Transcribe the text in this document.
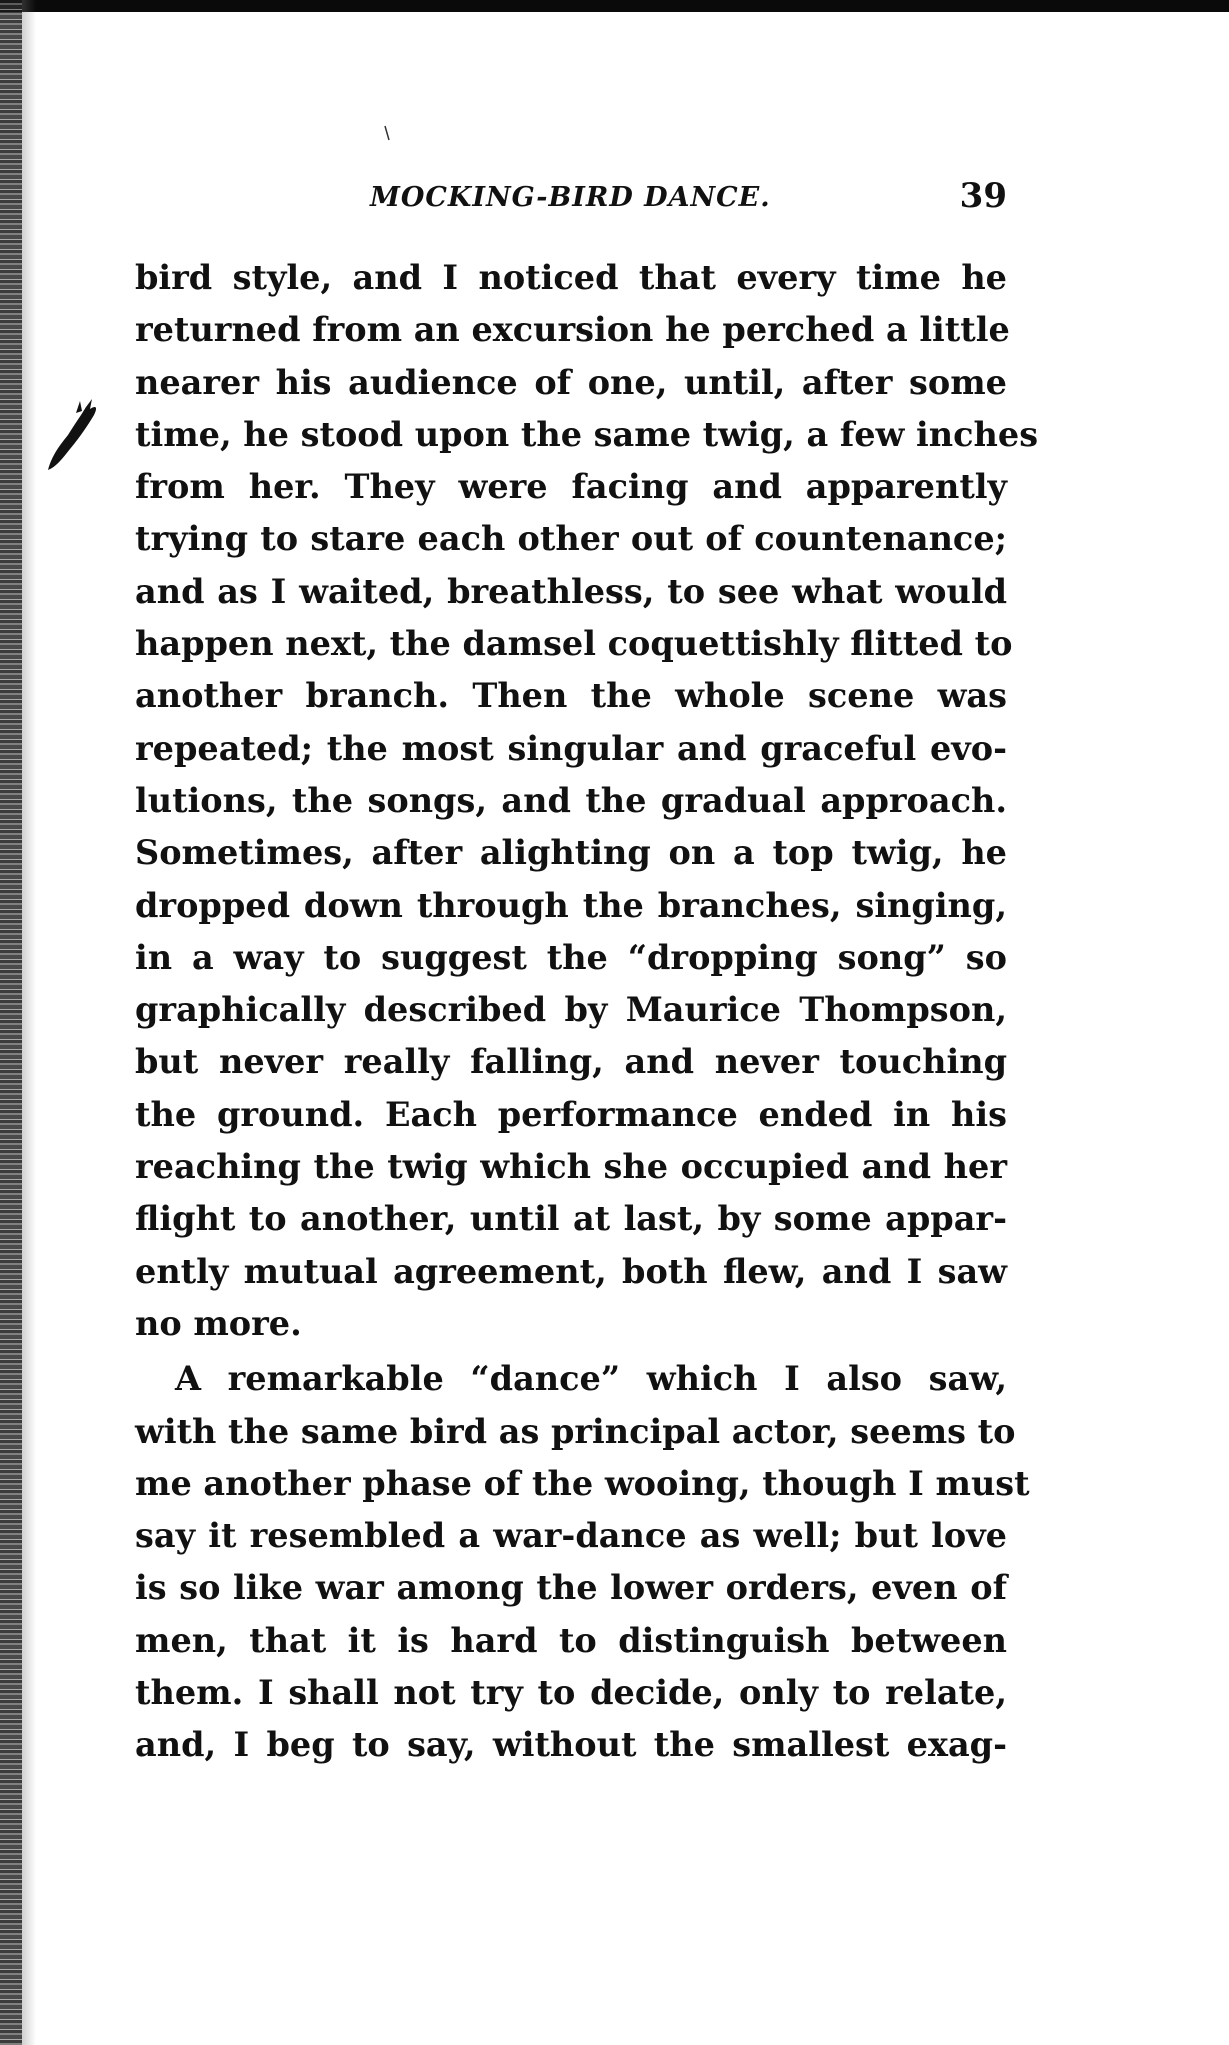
MOCKING-BIRD DANCE.	39
bird style, and I noticed that every time he
returned from an excursion he perched a little
nearer his audience of one, until, after some
time, he stood upon the same twig, a few inches
from her. They were facing and apparently
trying to stare each other out of countenance;
and as I waited, breathless, to see what would
happen next, the damsel coquettishly flitted to
another branch. Then the whole scene was
repeated; the most singular and graceful evo-
lutions, the songs, and the gradual approach.
Sometimes, after alighting on a top twig, he
dropped down through the branches, singing,
in a way to suggest the “dropping song” so
graphically described by Maurice Thompson,
but never really falling, and never touching
the ground. Each performance ended in his
reaching the twig which she occupied and her
flight to another, until at last, by some appar-
ently mutual agreement, both flew, and I saw
no more.
A remarkable “dance” which I also saw,
with the same bird as principal actor, seems to
me another phase of the wooing, though I must
say it resembled a war-dance as well; but love
is so like war among the lower orders, even of
men, that it is hard to distinguish between
them. I shall not try to decide, only to relate,
and, I beg to say, without the smallest exag-
